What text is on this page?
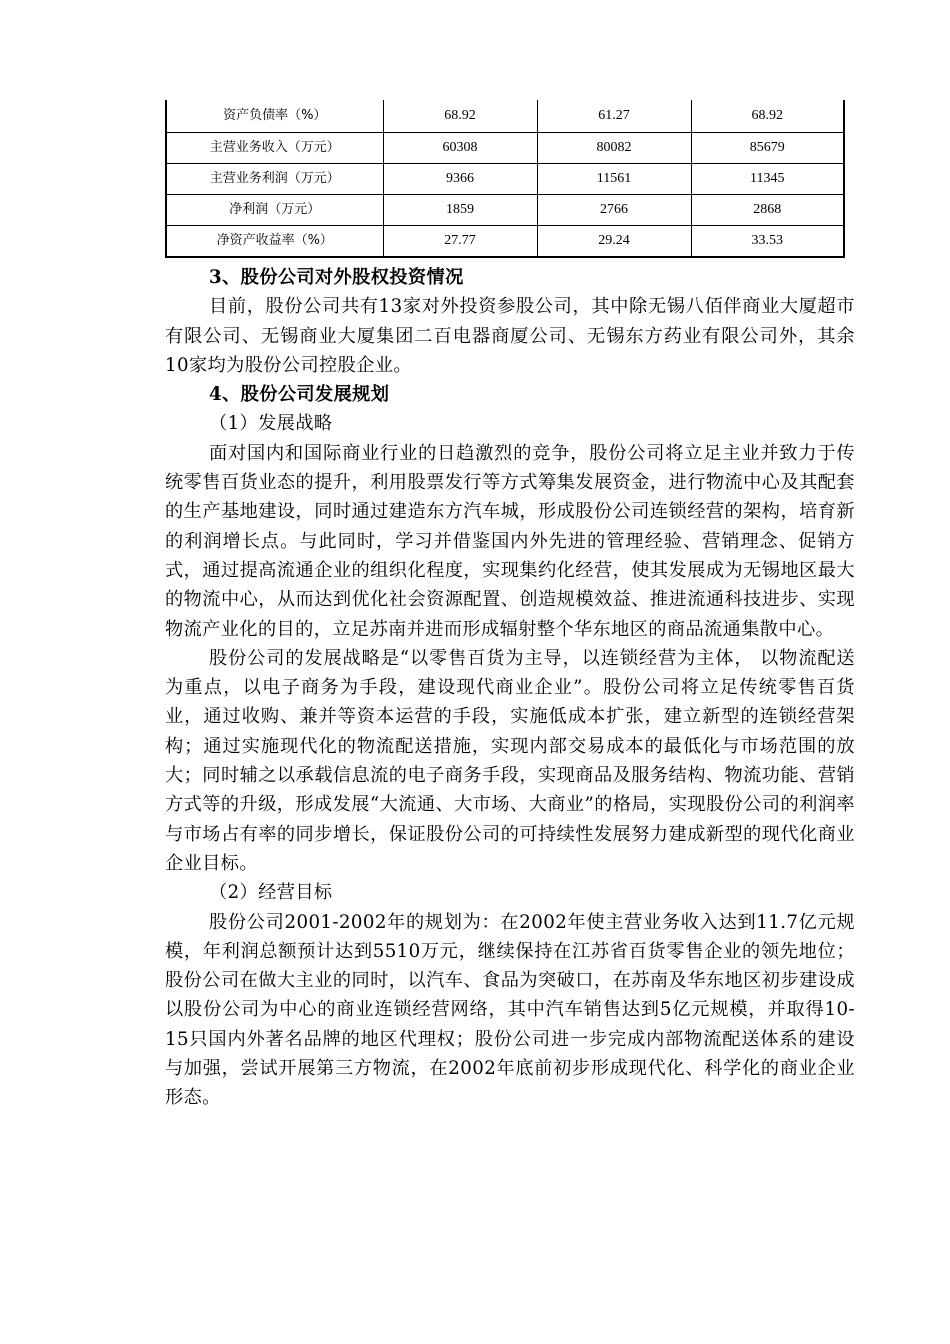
资产负债率（%）	68.92	61.27	68.92
主营业务收入（万元）	60308	80082	85679
主营业务利润（万元）	9366	11561	11345
净利润（万元）	1859	2766	2868
净资产收益率（%）	27.77	29.24	33.53

3、股份公司对外股权投资情况

目前，股份公司共有13家对外投资参股公司，其中除无锡八佰伴商业大厦超市有限公司、无锡商业大厦集团二百电器商厦公司、无锡东方药业有限公司外，其余10家均为股份公司控股企业。

4、股份公司发展规划

（1）发展战略

面对国内和国际商业行业的日趋激烈的竞争，股份公司将立足主业并致力于传统零售百货业态的提升，利用股票发行等方式筹集发展资金，进行物流中心及其配套的生产基地建设，同时通过建造东方汽车城，形成股份公司连锁经营的架构，培育新的利润增长点。与此同时，学习并借鉴国内外先进的管理经验、营销理念、促销方式，通过提高流通企业的组织化程度，实现集约化经营，使其发展成为无锡地区最大的物流中心，从而达到优化社会资源配置、创造规模效益、推进流通科技进步、实现物流产业化的目的，立足苏南并进而形成辐射整个华东地区的商品流通集散中心。

股份公司的发展战略是“以零售百货为主导，以连锁经营为主体， 以物流配送为重点，以电子商务为手段，建设现代商业企业”。股份公司将立足传统零售百货业，通过收购、兼并等资本运营的手段，实施低成本扩张，建立新型的连锁经营架构；通过实施现代化的物流配送措施，实现内部交易成本的最低化与市场范围的放大；同时辅之以承载信息流的电子商务手段，实现商品及服务结构、物流功能、营销方式等的升级，形成发展“大流通、大市场、大商业”的格局，实现股份公司的利润率与市场占有率的同步增长，保证股份公司的可持续性发展努力建成新型的现代化商业企业目标。

（2）经营目标

股份公司2001-2002年的规划为：在2002年使主营业务收入达到11.7亿元规模，年利润总额预计达到5510万元，继续保持在江苏省百货零售企业的领先地位；股份公司在做大主业的同时，以汽车、食品为突破口，在苏南及华东地区初步建设成以股份公司为中心的商业连锁经营网络，其中汽车销售达到5亿元规模，并取得10-15只国内外著名品牌的地区代理权；股份公司进一步完成内部物流配送体系的建设与加强，尝试开展第三方物流，在2002年底前初步形成现代化、科学化的商业企业形态。
